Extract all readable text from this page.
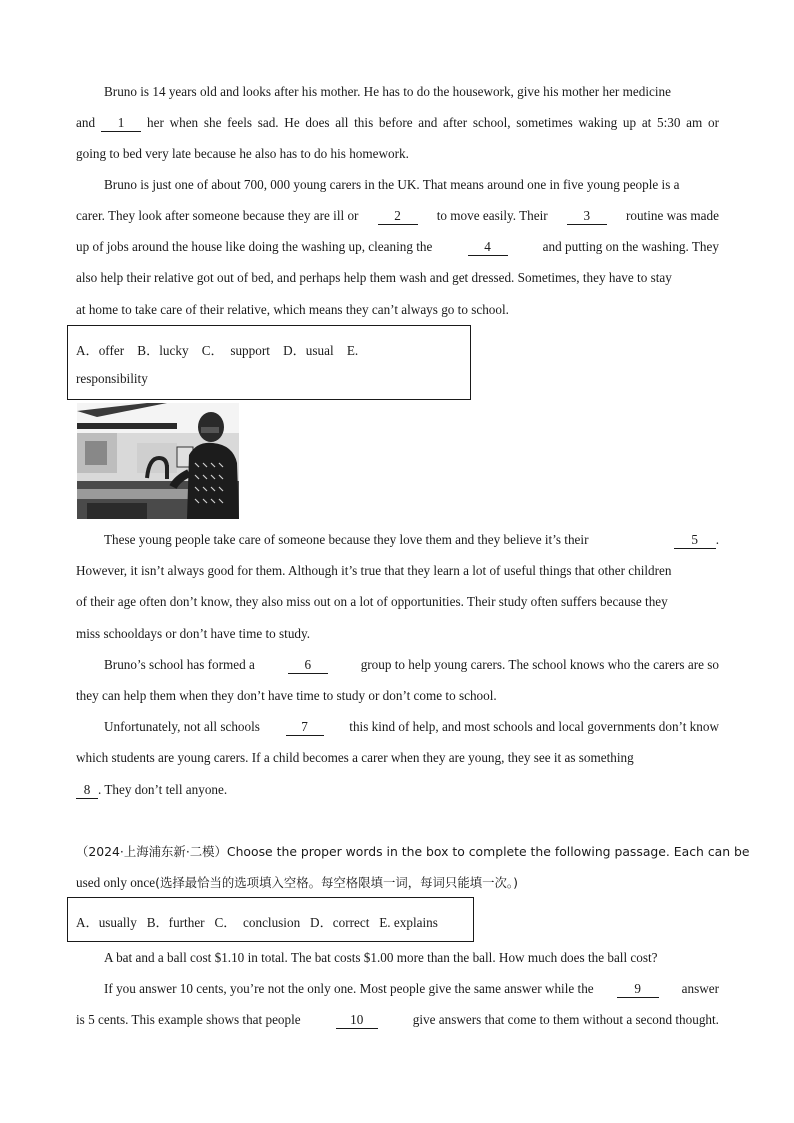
Bruno is 14 years old and looks after his mother. He has to do the housework, give his mother her medicine
and	1	her when she feels sad. He does all this before and after school, sometimes waking up at 5:30 am or
going to bed very late because he also has to do his homework.
Bruno is just one of about 700, 000 young carers in the UK. That means around one in five young people is a
carer. They look after someone because they are ill or	2	to move easily. Their	3	routine was made
up of jobs around the house like doing the washing up, cleaning the	4	and putting on the washing. They
also help their relative got out of bed, and perhaps help them wash and get dressed. Sometimes, they have to stay
at home to take care of their relative, which means they can’t always go to school.
A．offer    B．lucky    C．  support    D．usual    E.
responsibility
These young people take care of someone because they love them and they believe it’s their	5 .
However, it isn’t always good for them. Although it’s true that they learn a lot of useful things that other children
of their age often don’t know, they also miss out on a lot of opportunities. Their study often suffers because they
miss schooldays or don’t have time to study.
Bruno’s school has formed a	6	group to help young carers. The school knows who the carers are so
they can help them when they don’t have time to study or don’t come to school.
Unfortunately, not all schools	7	this kind of help, and most schools and local governments don’t know
which students are young carers. If a child becomes a carer when they are young, they see it as something
8 . They don’t tell anyone.
（2024·上海浦东新·二模）Choose the proper words in the box to complete the following passage. Each can be
used only once (选择最恰当的选项填入空格。每空格限填一词，每词只能填一次。)
A．usually   B．further   C．  conclusion   D．correct   E. explains
A bat and a ball cost $1.10 in total. The bat costs $1.00 more than the ball. How much does the ball cost?
If you answer 10 cents, you’re not the only one. Most people give the same answer while the	9	answer
is 5 cents. This example shows that people	10	give answers that come to them without a second thought.
